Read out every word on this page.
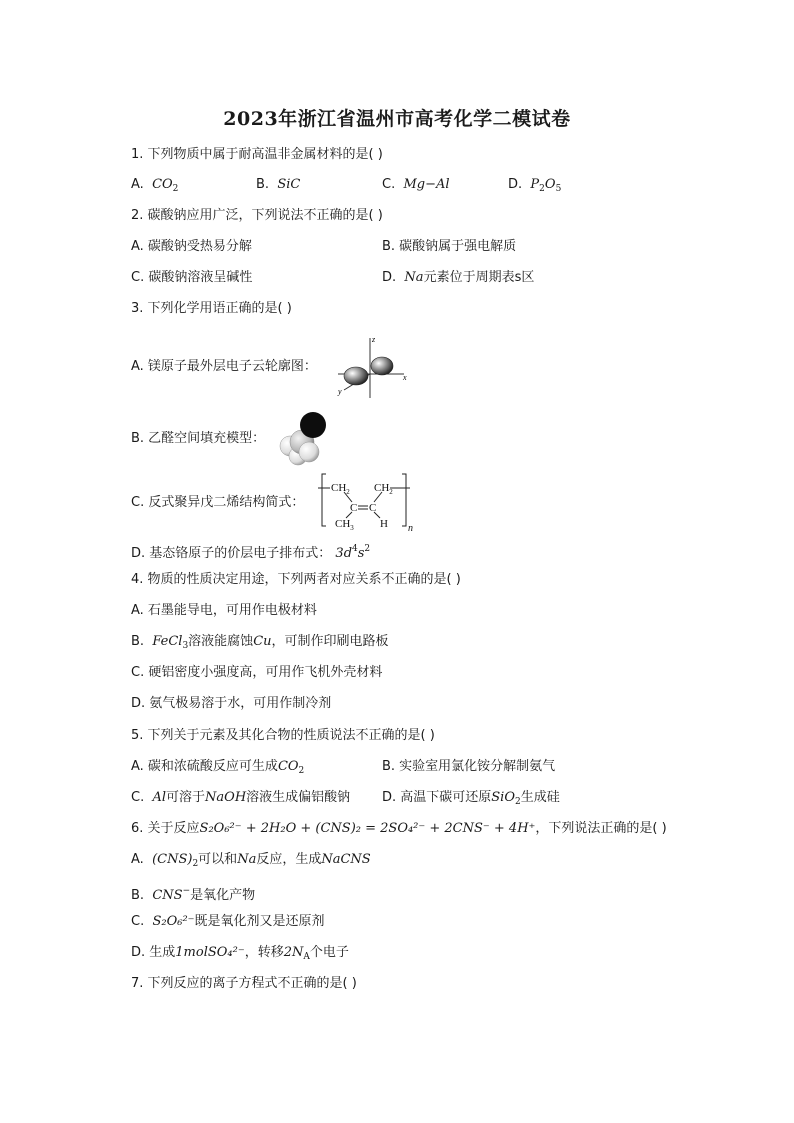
2023年浙江省温州市高考化学二模试卷
1. 下列物质中属于耐高温非金属材料的是( )
A. $CO_2$	B. SiC	C. Mg−Al	D. $P_2O_5$
2. 碳酸钠应用广泛，下列说法不正确的是( )
A. 碳酸钠受热易分解	B. 碳酸钠属于强电解质
C. 碳酸钠溶液呈碱性	D. Na元素位于周期表s区
3. 下列化学用语正确的是( )
A. 镁原子最外层电子云轮廓图：
z
x
y
B. 乙醛空间填充模型：
C. 反式聚异戊二烯结构简式：
$CH_2$ $CH_2$
C C
$CH_3$ H n
D. 基态铬原子的价层电子排布式： $3d^4s^2$
4. 物质的性质决定用途，下列两者对应关系不正确的是( )
A. 石墨能导电，可用作电极材料
B. FeCl$_3$溶液能腐蚀Cu，可制作印刷电路板
C. 硬铝密度小强度高，可用作飞机外壳材料
D. 氨气极易溶于水，可用作制冷剂
5. 下列关于元素及其化合物的性质说法不正确的是( )
A. 碳和浓硫酸反应可生成$CO_2$	B. 实验室用氯化铵分解制氨气
C. Al可溶于NaOH溶液生成偏铝酸钠 D. 高温下碳可还原SiO$_2$生成硅
6. 关于反应S₂O₆²⁻ + 2H₂O + (CNS)₂ = 2SO₄²⁻ + 2CNS⁻ + 4H⁺，下列说法正确的是( )
A. $(CNS)_2$可以和Na反应，生成NaCNS
B. CNS−是氧化产物
C. S₂O₆²⁻既是氧化剂又是还原剂
D. 生成1molSO₄²⁻，转移$2N_A$个电子
7. 下列反应的离子方程式不正确的是( )
